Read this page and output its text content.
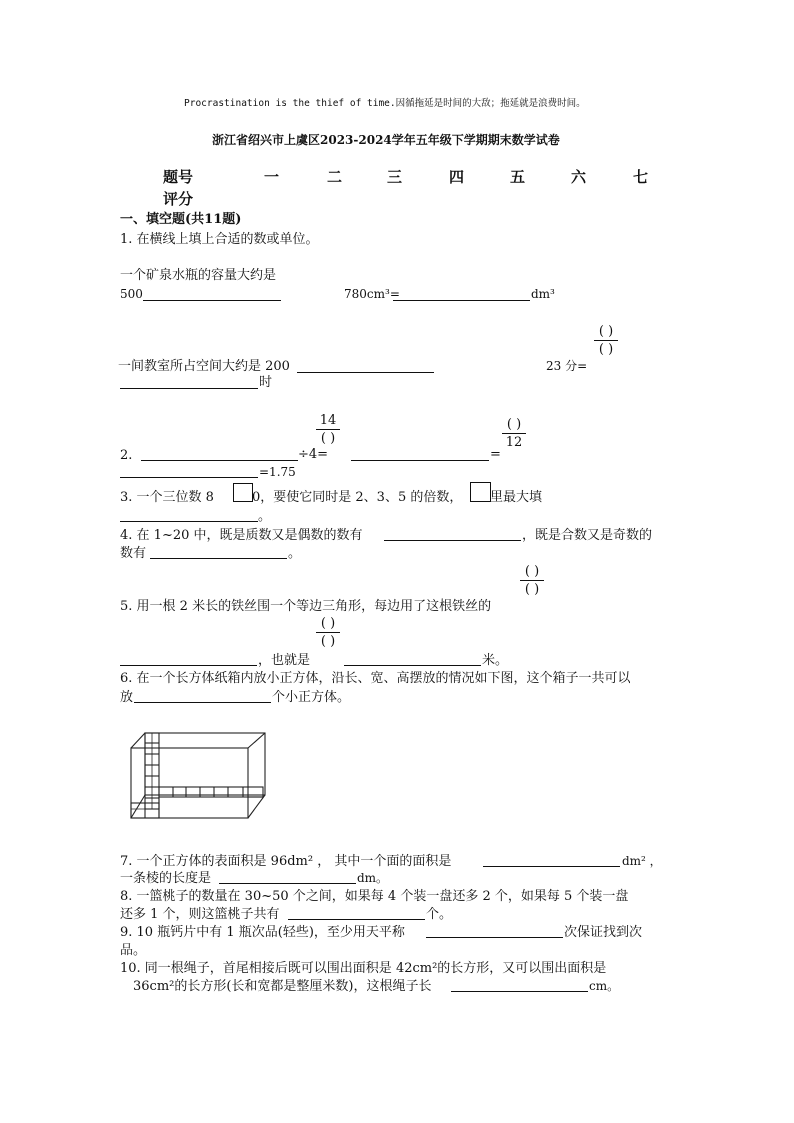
Procrastination is the thief of time.因循拖延是时间的大敌；拖延就是浪费时间。
浙江省绍兴市上虞区2023-2024学年五年级下学期期末数学试卷
题号	一	二	三	四	五	六	七
评分
一、填空题(共11题)
1. 在横线上填上合适的数或单位。
一个矿泉水瓶的容量大约是
500	780cm³=	dm³
( )
( )
一间教室所占空间大约是 200	23 分=
时
14
( )
( )
12
2.	÷4=	=
=1.75
3. 一个三位数 8	0，要使它同时是 2、3、5 的倍数， 里最大填
。
4. 在 1~20 中，既是质数又是偶数的数有	，既是合数又是奇数的
数有	。
( )
( )
5. 用一根 2 米长的铁丝围一个等边三角形，每边用了这根铁丝的
( )
( )
，也就是	米。
6. 在一个长方体纸箱内放小正方体，沿长、宽、高摆放的情况如下图，这个箱子一共可以
放	个小正方体。
7. 一个正方体的表面积是 96dm² ， 其中一个面的面积是	dm² ，
一条棱的长度是	dm。
8. 一篮桃子的数量在 30~50 个之间，如果每 4 个装一盘还多 2 个，如果每 5 个装一盘
还多 1 个，则这篮桃子共有	个。
9. 10 瓶钙片中有 1 瓶次品(轻些)，至少用天平称	次保证找到次
品。
10. 同一根绳子，首尾相接后既可以围出面积是 42cm²的长方形，又可以围出面积是
36cm²的长方形(长和宽都是整厘米数)，这根绳子长	cm。
